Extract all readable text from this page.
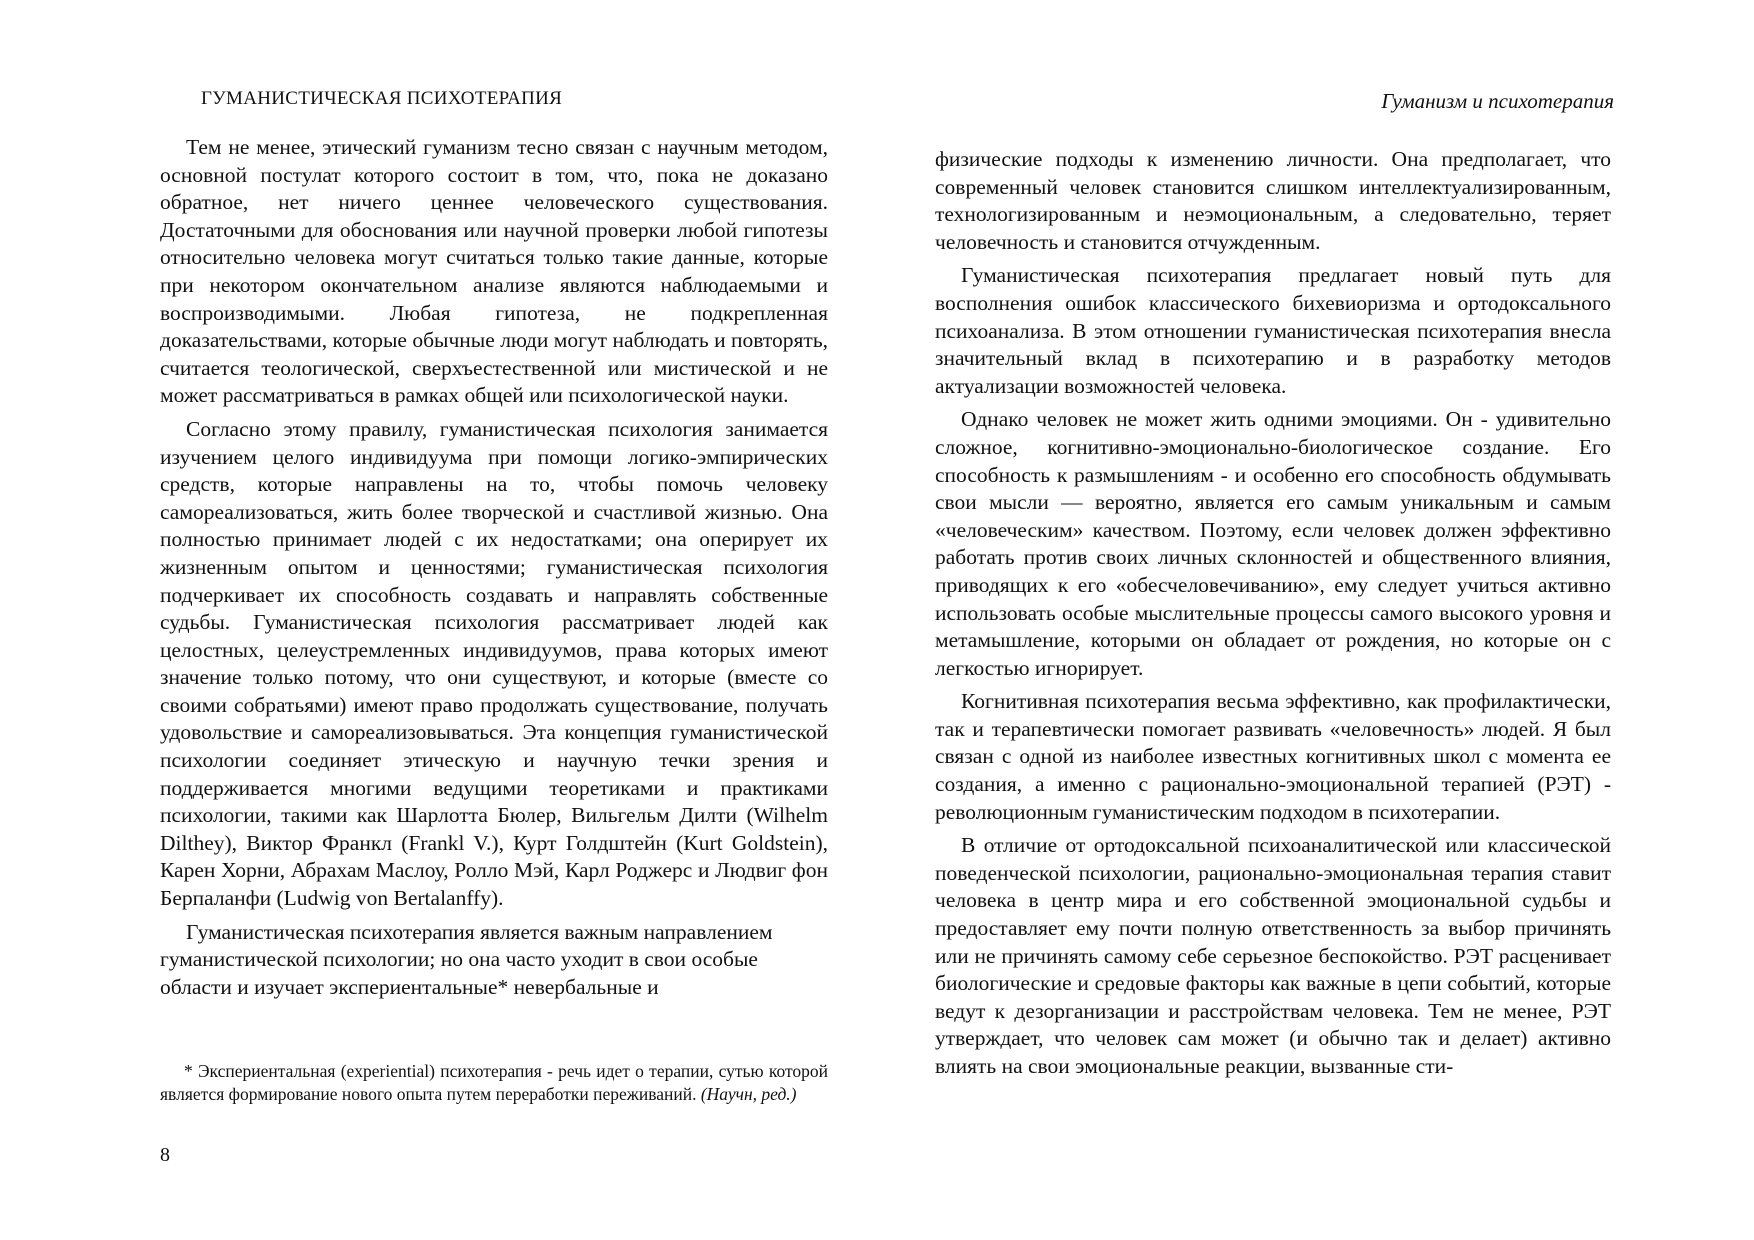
ГУМАНИСТИЧЕСКАЯ ПСИХОТЕРАПИЯ

Тем не менее, этический гуманизм тесно связан с научным методом, основной постулат которого состоит в том, что, пока не доказано обратное, нет ничего ценнее человеческого существования. Достаточными для обоснования или научной проверки любой гипотезы относительно человека могут считаться только такие данные, которые при некотором окончательном анализе являются наблюдаемыми и воспроизводимыми. Любая гипотеза, не подкрепленная доказательствами, которые обычные люди могут наблюдать и повторять, считается теологической, сверхъестественной или мистической и не может рассматриваться в рамках общей или психологической науки.

Согласно этому правилу, гуманистическая психология занимается изучением целого индивидуума при помощи логико-эмпирических средств, которые направлены на то, чтобы помочь человеку самореализоваться, жить более творческой и счастливой жизнью. Она полностью принимает людей с их недостатками; она оперирует их жизненным опытом и ценностями; гуманистическая психология подчеркивает их способность создавать и направлять собственные судьбы. Гуманистическая психология рассматривает людей как целостных, целеустремленных индивидуумов, права которых имеют значение только потому, что они существуют, и которые (вместе со своими собратьями) имеют право продолжать существование, получать удовольствие и самореализовываться. Эта концепция гуманистической психологии соединяет этическую и научную течки зрения и поддерживается многими ведущими теоретиками и практиками психологии, такими как Шарлотта Бюлер, Вильгельм Дилти (Wilhelm Dilthey), Виктор Франкл (Frankl V.), Курт Голдштейн (Kurt Goldstein), Карен Хорни, Абрахам Маслоу, Ролло Мэй, Карл Роджерс и Людвиг фон Берпаланфи (Ludwig von Bertalanffy).

Гуманистическая психотерапия является важным направлением гуманистической психологии; но она часто уходит в свои особые области и изучает экспериентальные* невербальные и

* Экспериентальная (experiential) психотерапия - речь идет о терапии, сутью которой является формирование нового опыта путем переработки переживаний. (Научн, ред.)

8
Гуманизм и психотерапия

физические подходы к изменению личности. Она предполагает, что современный человек становится слишком интеллектуализированным, технологизированным и неэмоциональным, а следовательно, теряет человечность и становится отчужденным.

Гуманистическая психотерапия предлагает новый путь для восполнения ошибок классического бихевиоризма и ортодоксального психоанализа. В этом отношении гуманистическая психотерапия внесла значительный вклад в психотерапию и в разработку методов актуализации возможностей человека.

Однако человек не может жить одними эмоциями. Он - удивительно сложное, когнитивно-эмоционально-биологическое создание. Его способность к размышлениям - и особенно его способность обдумывать свои мысли — вероятно, является его самым уникальным и самым «человеческим» качеством. Поэтому, если человек должен эффективно работать против своих личных склонностей и общественного влияния, приводящих к его «обесчеловечиванию», ему следует учиться активно использовать особые мыслительные процессы самого высокого уровня и метамышление, которыми он обладает от рождения, но которые он с легкостью игнорирует.

Когнитивная психотерапия весьма эффективно, как профилактически, так и терапевтически помогает развивать «человечность» людей. Я был связан с одной из наиболее известных когнитивных школ с момента ее создания, а именно с рационально-эмоциональной терапией (РЭТ) - революционным гуманистическим подходом в психотерапии.

В отличие от ортодоксальной психоаналитической или классической поведенческой психологии, рационально-эмоциональная терапия ставит человека в центр мира и его собственной эмоциональной судьбы и предоставляет ему почти полную ответственность за выбор причинять или не причинять самому себе серьезное беспокойство. РЭТ расценивает биологические и средовые факторы как важные в цепи событий, которые ведут к дезорганизации и расстройствам человека. Тем не менее, РЭТ утверждает, что человек сам может (и обычно так и делает) активно влиять на свои эмоциональные реакции, вызванные сти-
